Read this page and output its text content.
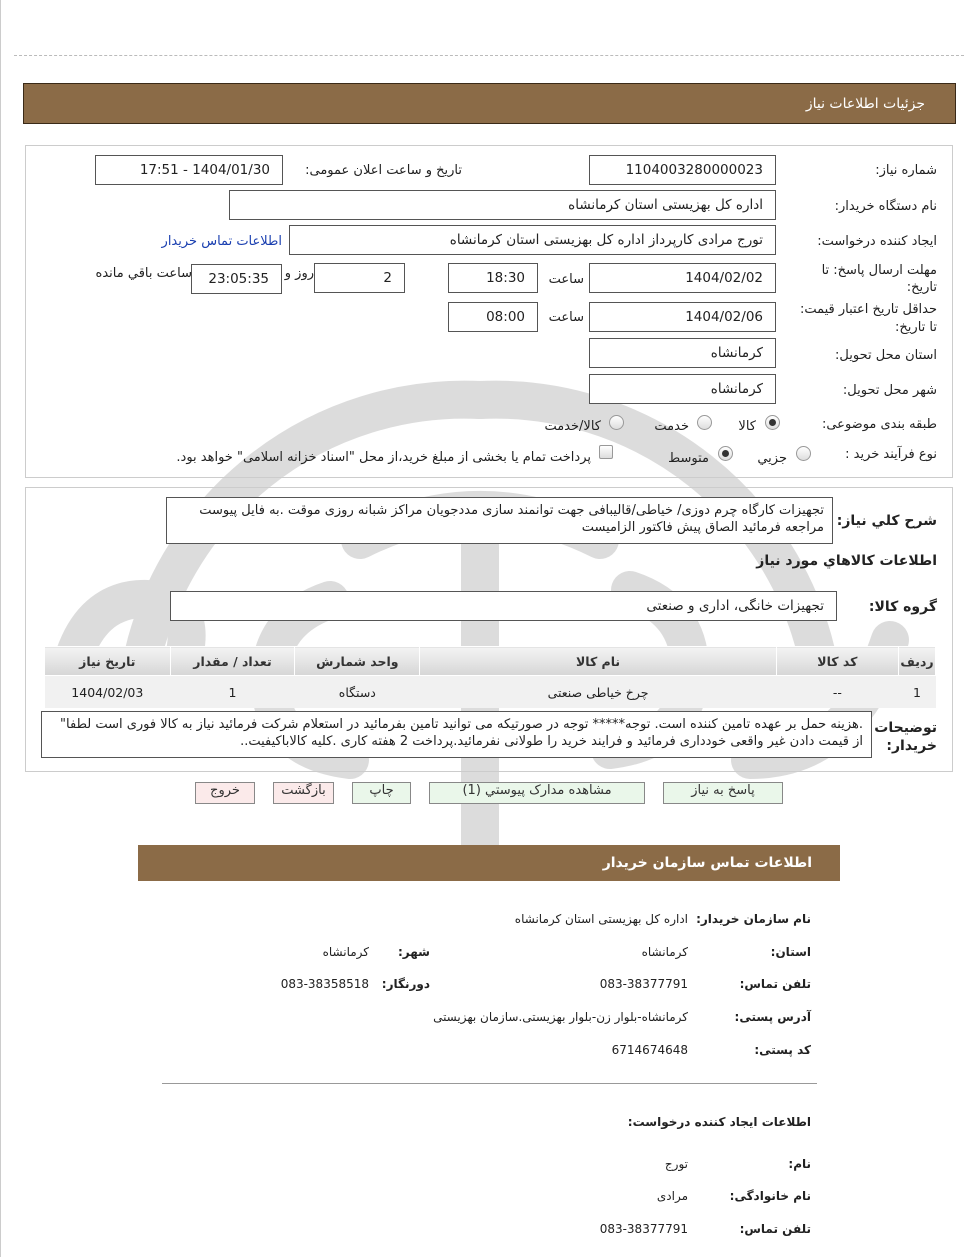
جزئیات اطلاعات نیاز
شماره نیاز:
1104003280000023
تاریخ و ساعت اعلان عمومی:
1404/01/30 - 17:51
نام دستگاه خریدار:
اداره کل بهزیستی استان کرمانشاه
ایجاد کننده درخواست:
تورج مرادی کارپرداز اداره کل بهزیستی استان کرمانشاه
اطلاعات تماس خریدار
مهلت ارسال پاسخ: تا
تاریخ:
1404/02/02
ساعت
18:30
2
روز و
23:05:35
ساعت باقي مانده
حداقل تاریخ اعتبار قیمت:
تا تاریخ:
1404/02/06
ساعت
08:00
استان محل تحویل:
کرمانشاه
شهر محل تحویل:
کرمانشاه
طبقه بندی موضوعی:
کالا
خدمت
کالا/خدمت
نوع فرآیند خرید :
جزیي
متوسط
پرداخت تمام یا بخشی از مبلغ خرید،از محل "اسناد خزانه اسلامی" خواهد بود.
شرح کلي نیاز:
تجهیزات کارگاه چرم دوزی/ خیاطی/قالیبافی جهت توانمند سازی مددجویان مراکز شبانه روزی موقت .به فایل پیوست مراجعه فرمائید الصاق پیش فاکتور الزامیست
اطلاعات کالاهاي مورد نیاز
گروه کالا:
تجهیزات خانگی، اداری و صنعتی
ردیف	کد کالا	نام کالا	واحد شمارش	تعداد / مقدار	تاریخ نیاز
1	--	چرخ خیاطی صنعتی	دستگاه	1	1404/02/03
توضیحات
خریدار:
.هزینه حمل بر عهده تامین کننده است. توجه***** توجه در صورتیکه می توانید تامین بفرمائید در استعلام شرکت فرمائید نیاز به کالا فوری است لطفا" از قیمت دادن غیر واقعی خودداری فرمائید و فرایند خرید را طولانی نفرمائید.پرداخت 2 هفته کاری .کلیه کالاباکیفیت..
پاسخ به نیاز
مشاهده مدارک پیوستي (1)
چاپ
بازگشت
خروج
اطلاعات تماس سازمان خریدار
نام سازمان خریدار:
اداره کل بهزیستی استان کرمانشاه
استان:
کرمانشاه
شهر:
کرمانشاه
تلفن تماس:
083-38377791
دورنگار:
083-38358518
آدرس پستی:
کرمانشاه-بلوار زن-بلوار بهزیستی.سازمان بهزیستی
کد پستی:
6714674648
اطلاعات ایجاد کننده درخواست:
نام:
تورج
نام خانوادگی:
مرادی
تلفن تماس:
083-38377791
